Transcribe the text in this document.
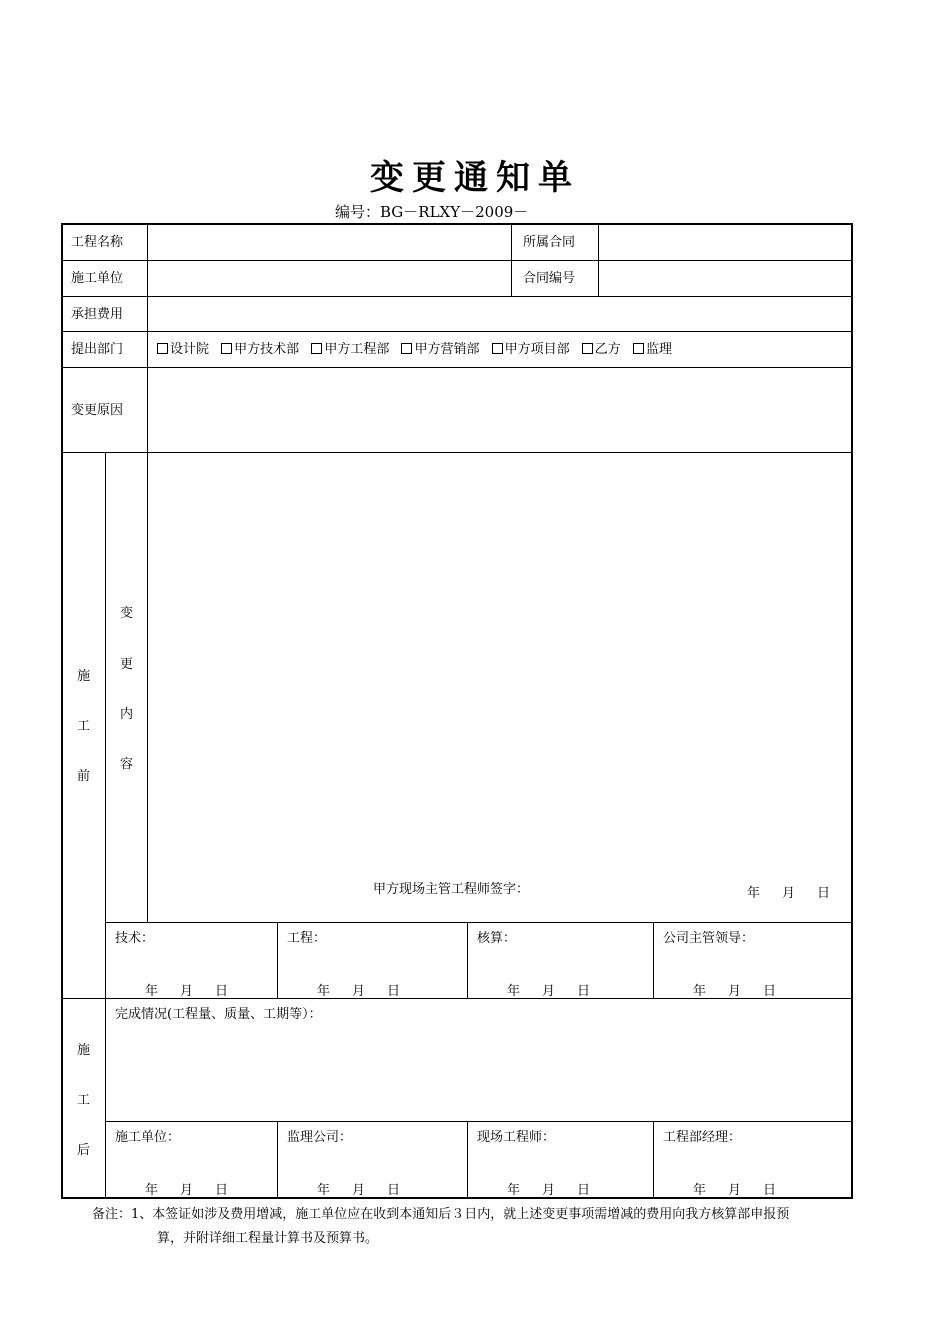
变更通知单
编号：BG－RLXY－2009－
工程名称	所属合同
施工单位	合同编号
承担费用
提出部门	设计院 甲方技术部 甲方工程部 甲方营销部 甲方项目部 乙方 监理
变更原因
施
工
前
变
更
内
容
甲方现场主管工程师签字：	年 月 日
技术：	工程：	核算：	公司主管领导：
年 月 日	年 月 日	年 月 日	年 月 日
施
工
后
完成情况(工程量、质量、工期等）：
施工单位：	监理公司：	现场工程师：	工程部经理：
年 月 日	年 月 日	年 月 日	年 月 日
备注：1、本签证如涉及费用增减，施工单位应在收到本通知后３日内，就上述变更事项需增减的费用向我方核算部申报预
算，并附详细工程量计算书及预算书。
